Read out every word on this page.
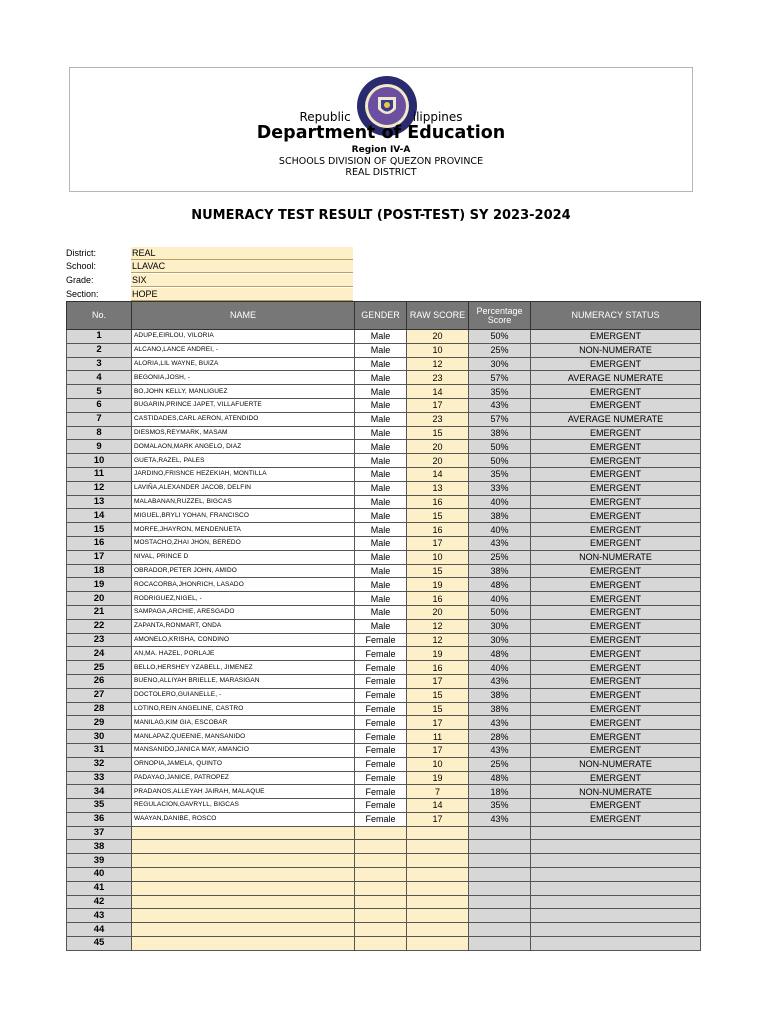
Republic	ilippines
Department of Education
Region IV-A
SCHOOLS DIVISION OF QUEZON PROVINCE
REAL DISTRICT
NUMERACY TEST RESULT (POST-TEST) SY 2023-2024
District:	REAL
School:	LLAVAC
Grade:	SIX
Section:	HOPE
No.	NAME	GENDER	RAW SCORE	Percentage Score	NUMERACY STATUS
1	ADUPE,EIRLOU, VILORIA	Male	20	50%	EMERGENT
2	ALCANO,LANCE ANDREI, -	Male	10	25%	NON-NUMERATE
3	ALORIA,LIL WAYNE, BUIZA	Male	12	30%	EMERGENT
4	BEGONIA,JOSH, -	Male	23	57%	AVERAGE NUMERATE
5	BO,JOHN KELLY, MANLIGUEZ	Male	14	35%	EMERGENT
6	BUGARIN,PRINCE JAPET, VILLAFUERTE	Male	17	43%	EMERGENT
7	CASTIDADES,CARL AERON, ATENDIDO	Male	23	57%	AVERAGE NUMERATE
8	DIESMOS,REYMARK, MASAM	Male	15	38%	EMERGENT
9	DOMALAON,MARK ANGELO, DIAZ	Male	20	50%	EMERGENT
10	GUETA,RAZEL, PALES	Male	20	50%	EMERGENT
11	JARDINO,FRISNCE HEZEKIAH, MONTILLA	Male	14	35%	EMERGENT
12	LAVIÑA,ALEXANDER JACOB, DELFIN	Male	13	33%	EMERGENT
13	MALABANAN,RUZZEL, BIGCAS	Male	16	40%	EMERGENT
14	MIGUEL,BRYLI YOHAN, FRANCISCO	Male	15	38%	EMERGENT
15	MORFE,JHAYRON, MENDENUETA	Male	16	40%	EMERGENT
16	MOSTACHO,ZHAI JHON, BEREDO	Male	17	43%	EMERGENT
17	NIVAL, PRINCE D	Male	10	25%	NON-NUMERATE
18	OBRADOR,PETER JOHN, AMIDO	Male	15	38%	EMERGENT
19	ROCACORBA,JHONRICH, LASADO	Male	19	48%	EMERGENT
20	RODRIGUEZ,NIGEL, -	Male	16	40%	EMERGENT
21	SAMPAGA,ARCHIE, ARESGADO	Male	20	50%	EMERGENT
22	ZAPANTA,RONMART, ONDA	Male	12	30%	EMERGENT
23	AMONELO,KRISHA, CONDINO	Female	12	30%	EMERGENT
24	AN,MA. HAZEL, PORLAJE	Female	19	48%	EMERGENT
25	BELLO,HERSHEY YZABELL, JIMENEZ	Female	16	40%	EMERGENT
26	BUENO,ALLIYAH BRIELLE, MARASIGAN	Female	17	43%	EMERGENT
27	DOCTOLERO,GUIANELLE, -	Female	15	38%	EMERGENT
28	LOTINO,REIN ANGELINE, CASTRO	Female	15	38%	EMERGENT
29	MANILAG,KIM GIA, ESCOBAR	Female	17	43%	EMERGENT
30	MANLAPAZ,QUEENIE, MANSANIDO	Female	11	28%	EMERGENT
31	MANSANIDO,JANICA MAY, AMANCIO	Female	17	43%	EMERGENT
32	ORNOPIA,JAMELA, QUINTO	Female	10	25%	NON-NUMERATE
33	PADAYAO,JANICE, PATROPEZ	Female	19	48%	EMERGENT
34	PRADANOS,ALLEYAH JAIRAH, MALAQUE	Female	7	18%	NON-NUMERATE
35	REGULACION,GAVRYLL, BIGCAS	Female	14	35%	EMERGENT
36	WAAYAN,DANIBE, ROSCO	Female	17	43%	EMERGENT
37					
38					
39					
40					
41					
42					
43					
44					
45					
